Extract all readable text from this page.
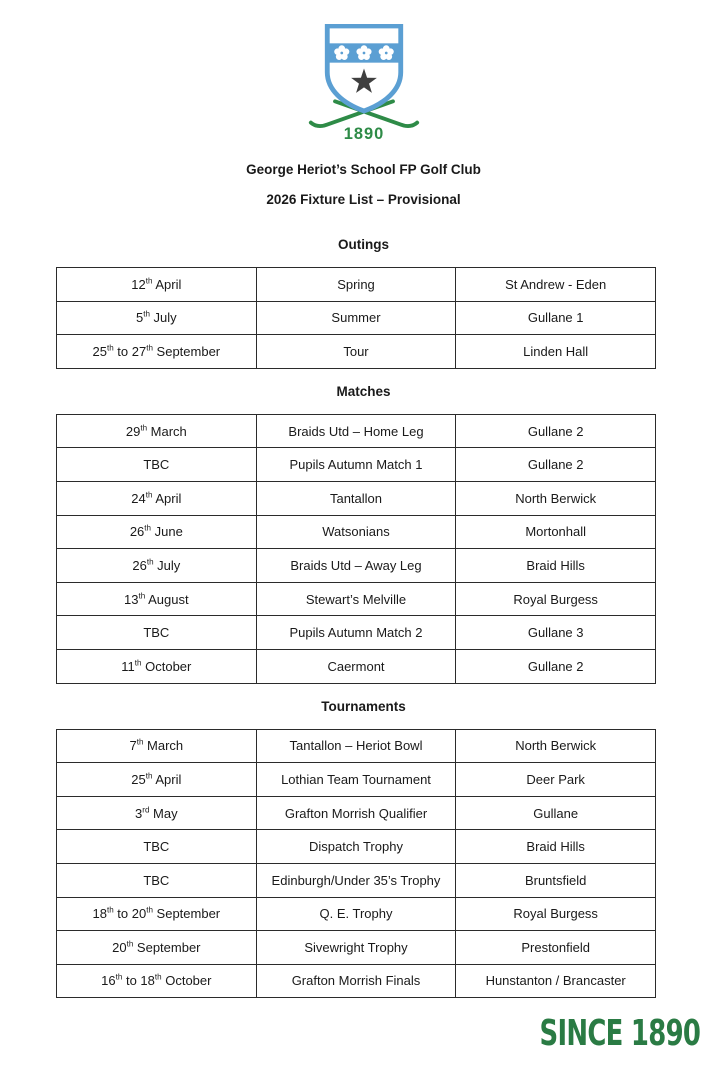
1890
George Heriot’s School FP Golf Club
2026 Fixture List – Provisional
Outings
12th April	Spring	St Andrew - Eden
5th July	Summer	Gullane 1
25th to 27th September	Tour	Linden Hall
Matches
29th March	Braids Utd – Home Leg	Gullane 2
TBC	Pupils Autumn Match 1	Gullane 2
24th April	Tantallon	North Berwick
26th June	Watsonians	Mortonhall
26th July	Braids Utd – Away Leg	Braid Hills
13th August	Stewart’s Melville	Royal Burgess
TBC	Pupils Autumn Match 2	Gullane 3
11th October	Caermont	Gullane 2
Tournaments
7th March	Tantallon – Heriot Bowl	North Berwick
25th April	Lothian Team Tournament	Deer Park
3rd May	Grafton Morrish Qualifier	Gullane
TBC	Dispatch Trophy	Braid Hills
TBC	Edinburgh/Under 35’s Trophy	Bruntsfield
18th to 20th September	Q. E. Trophy	Royal Burgess
20th September	Sivewright Trophy	Prestonfield
16th to 18th October	Grafton Morrish Finals	Hunstanton / Brancaster
SINCE 1890
